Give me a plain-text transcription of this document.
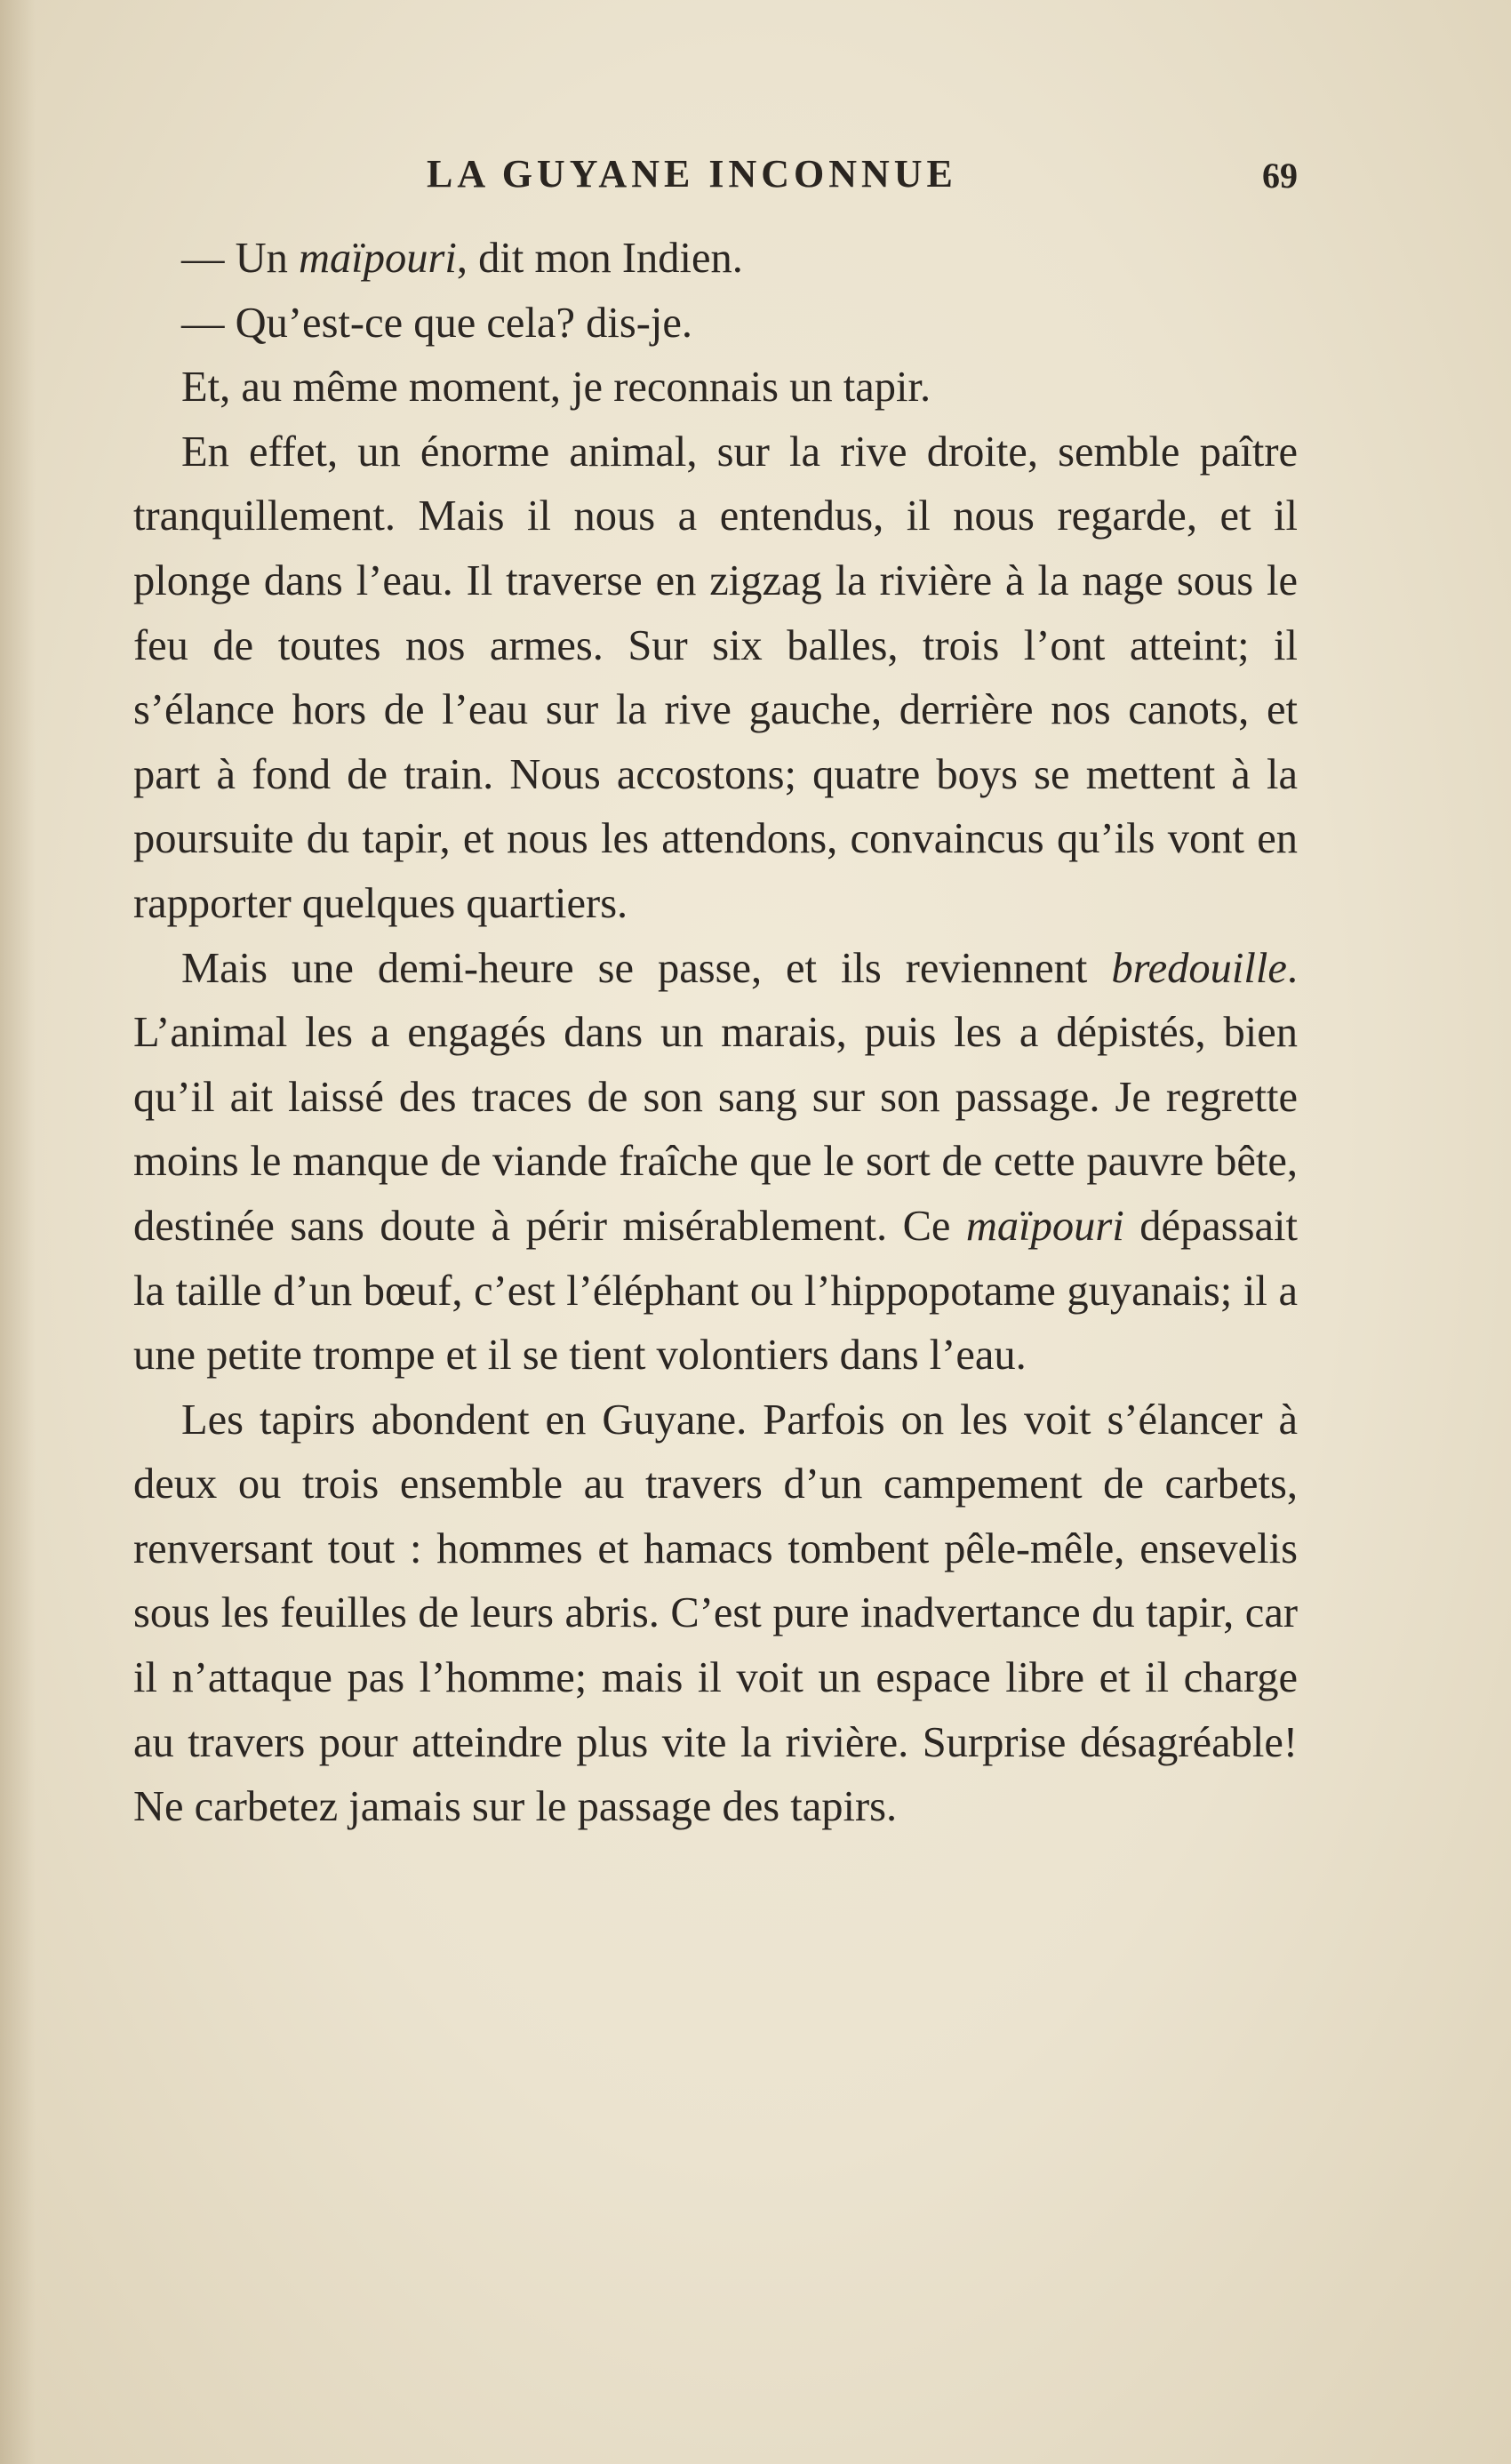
LA GUYANE INCONNUE	69

— Un maïpouri, dit mon Indien.

— Qu’est-ce que cela? dis-je.

Et, au même moment, je reconnais un tapir.

En effet, un énorme animal, sur la rive droite, semble paître tranquillement. Mais il nous a entendus, il nous regarde, et il plonge dans l’eau. Il traverse en zigzag la rivière à la nage sous le feu de toutes nos armes. Sur six balles, trois l’ont atteint; il s’élance hors de l’eau sur la rive gauche, derrière nos canots, et part à fond de train. Nous accostons; quatre boys se mettent à la poursuite du tapir, et nous les attendons, convaincus qu’ils vont en rapporter quelques quartiers.

Mais une demi-heure se passe, et ils reviennent bredouille. L’animal les a engagés dans un marais, puis les a dépistés, bien qu’il ait laissé des traces de son sang sur son passage. Je regrette moins le manque de viande fraîche que le sort de cette pauvre bête, destinée sans doute à périr misérablement. Ce maïpouri dépassait la taille d’un bœuf, c’est l’éléphant ou l’hippopotame guyanais; il a une petite trompe et il se tient volontiers dans l’eau.

Les tapirs abondent en Guyane. Parfois on les voit s’élancer à deux ou trois ensemble au travers d’un campement de carbets, renversant tout : hommes et hamacs tombent pêle-mêle, ensevelis sous les feuilles de leurs abris. C’est pure inadvertance du tapir, car il n’attaque pas l’homme; mais il voit un espace libre et il charge au travers pour atteindre plus vite la rivière. Surprise désagréable! Ne carbetez jamais sur le passage des tapirs.
